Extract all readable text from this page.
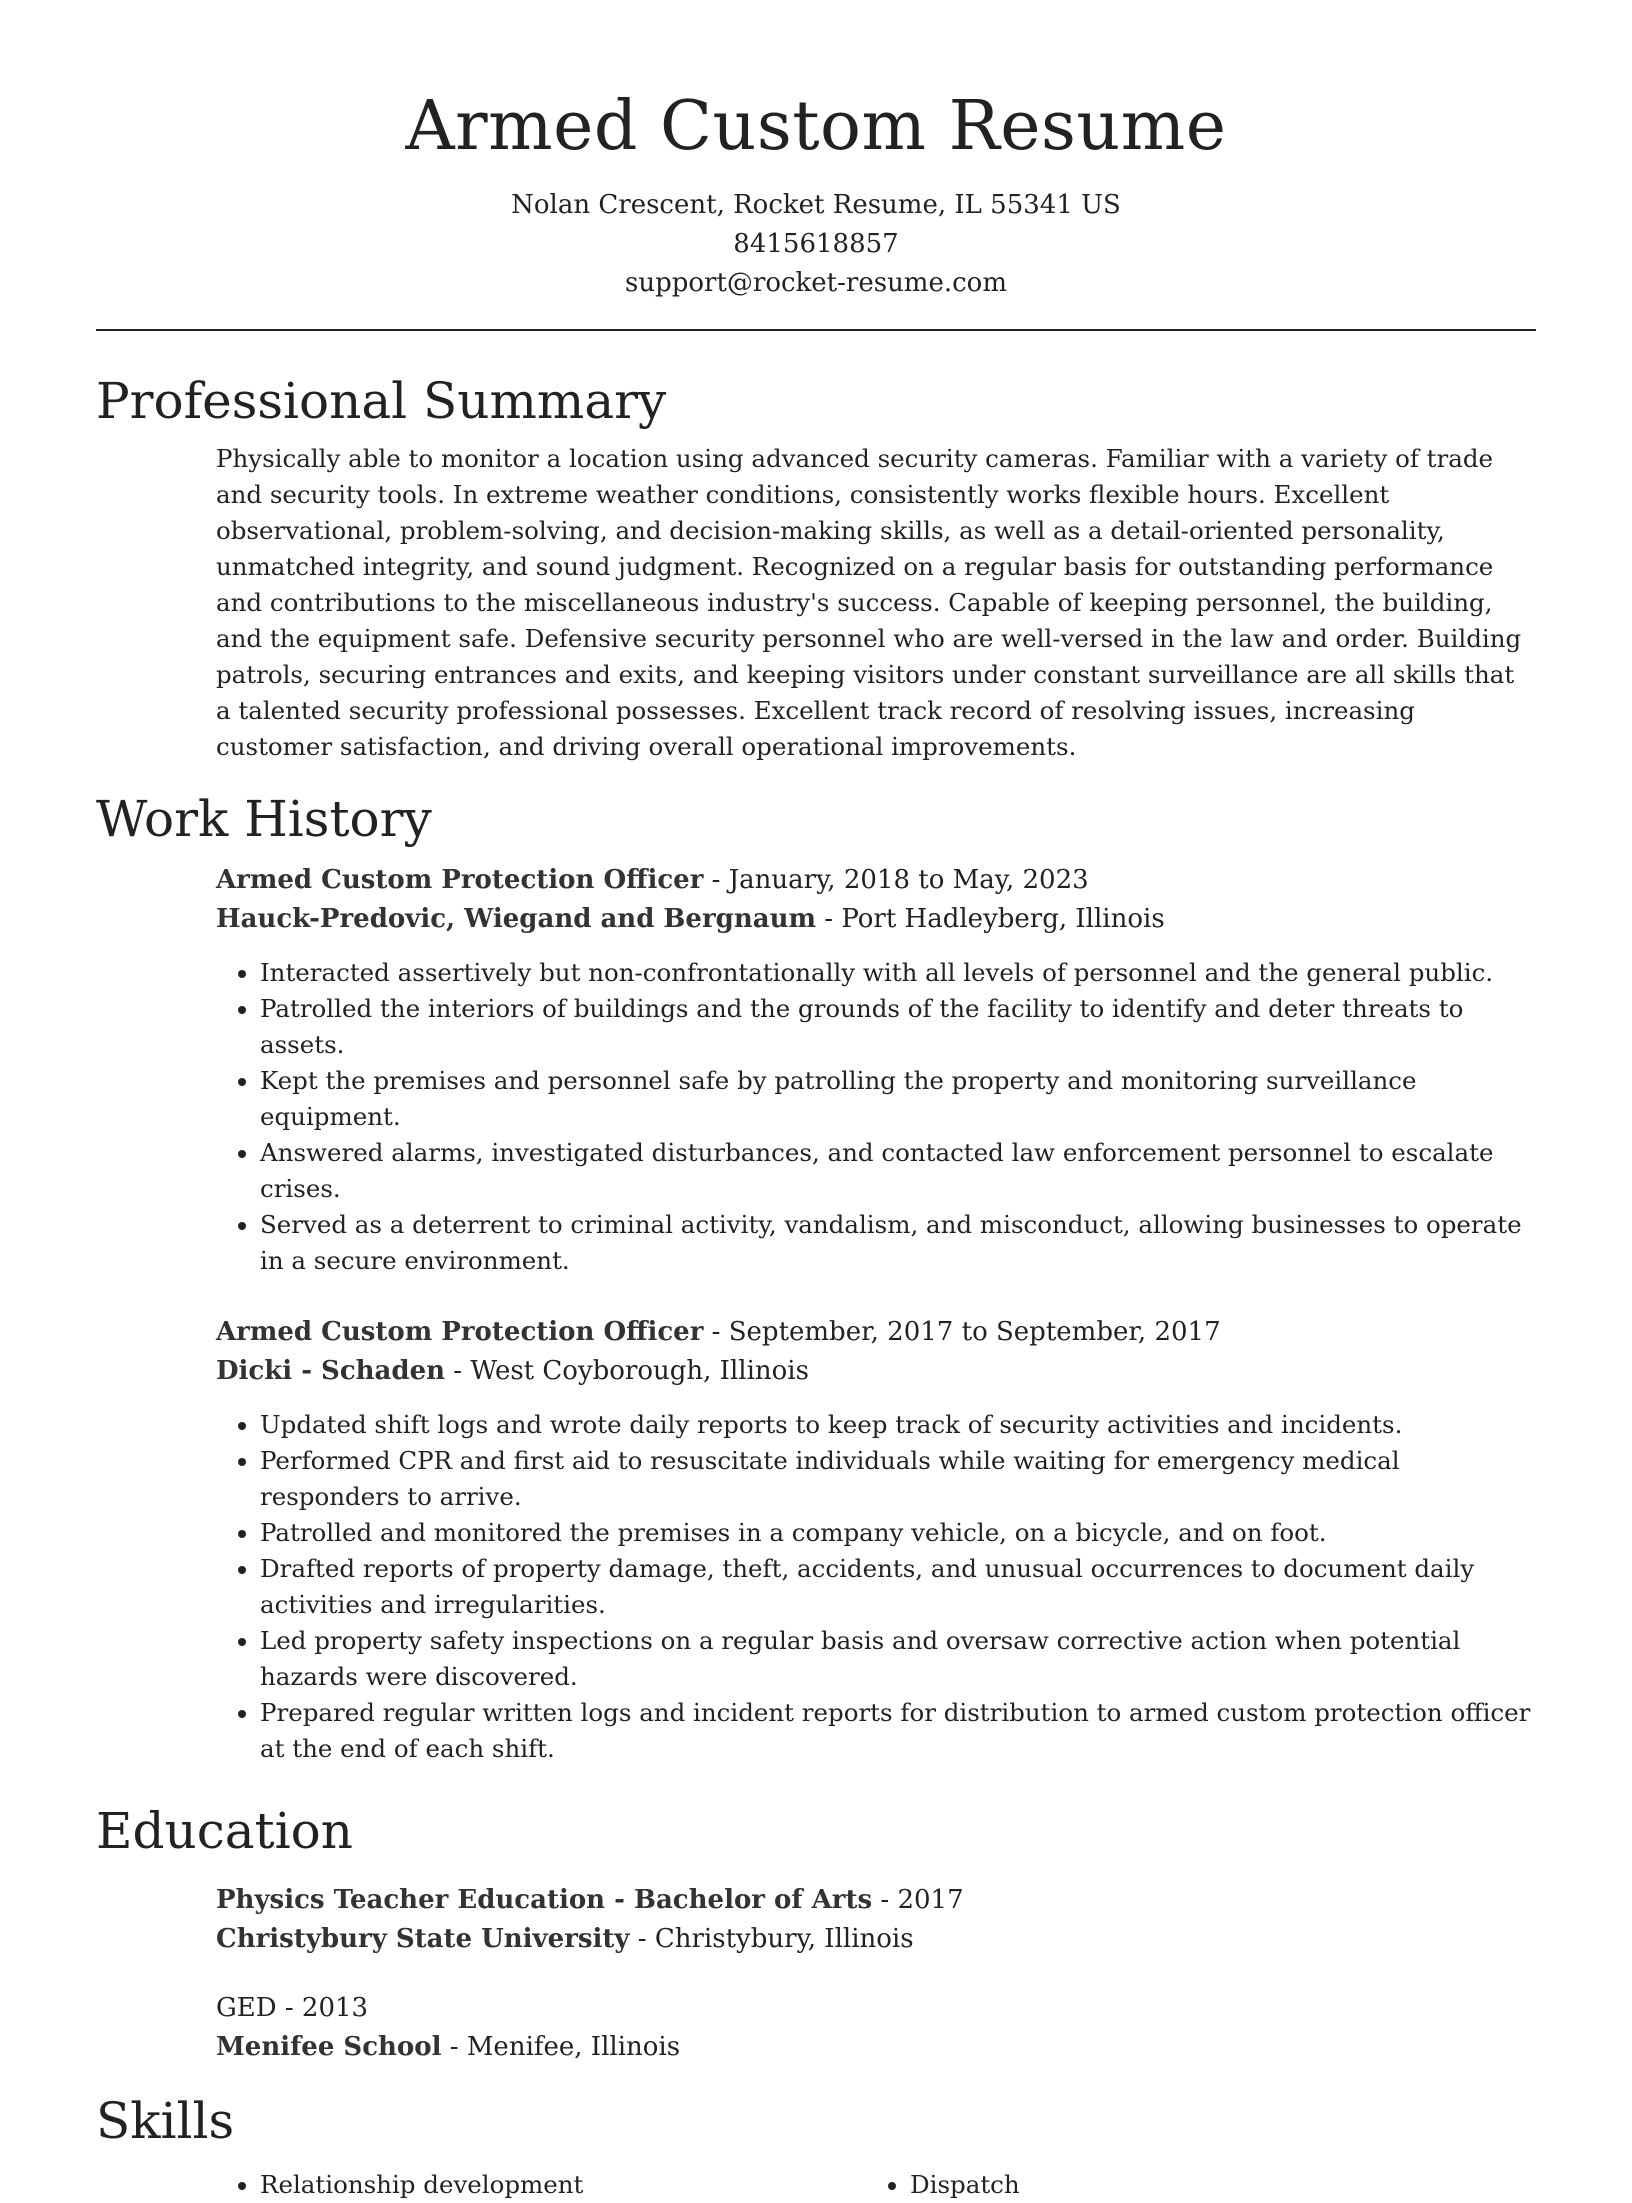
Armed Custom Resume
Nolan Crescent, Rocket Resume, IL 55341 US
8415618857
support@rocket-resume.com
Professional Summary
Physically able to monitor a location using advanced security cameras. Familiar with a variety of trade and security tools. In extreme weather conditions, consistently works flexible hours. Excellent observational, problem-solving, and decision-making skills, as well as a detail-oriented personality, unmatched integrity, and sound judgment. Recognized on a regular basis for outstanding performance and contributions to the miscellaneous industry's success. Capable of keeping personnel, the building, and the equipment safe. Defensive security personnel who are well-versed in the law and order. Building patrols, securing entrances and exits, and keeping visitors under constant surveillance are all skills that a talented security professional possesses. Excellent track record of resolving issues, increasing customer satisfaction, and driving overall operational improvements.
Work History
Armed Custom Protection Officer - January, 2018 to May, 2023
Hauck-Predovic, Wiegand and Bergnaum - Port Hadleyberg, Illinois
• Interacted assertively but non-confrontationally with all levels of personnel and the general public.
• Patrolled the interiors of buildings and the grounds of the facility to identify and deter threats to assets.
• Kept the premises and personnel safe by patrolling the property and monitoring surveillance equipment.
• Answered alarms, investigated disturbances, and contacted law enforcement personnel to escalate crises.
• Served as a deterrent to criminal activity, vandalism, and misconduct, allowing businesses to operate in a secure environment.
Armed Custom Protection Officer - September, 2017 to September, 2017
Dicki - Schaden - West Coyborough, Illinois
• Updated shift logs and wrote daily reports to keep track of security activities and incidents.
• Performed CPR and first aid to resuscitate individuals while waiting for emergency medical responders to arrive.
• Patrolled and monitored the premises in a company vehicle, on a bicycle, and on foot.
• Drafted reports of property damage, theft, accidents, and unusual occurrences to document daily activities and irregularities.
• Led property safety inspections on a regular basis and oversaw corrective action when potential hazards were discovered.
• Prepared regular written logs and incident reports for distribution to armed custom protection officer at the end of each shift.
Education
Physics Teacher Education - Bachelor of Arts - 2017
Christybury State University - Christybury, Illinois
GED - 2013
Menifee School - Menifee, Illinois
Skills
• Relationship development
•	Dispatch
